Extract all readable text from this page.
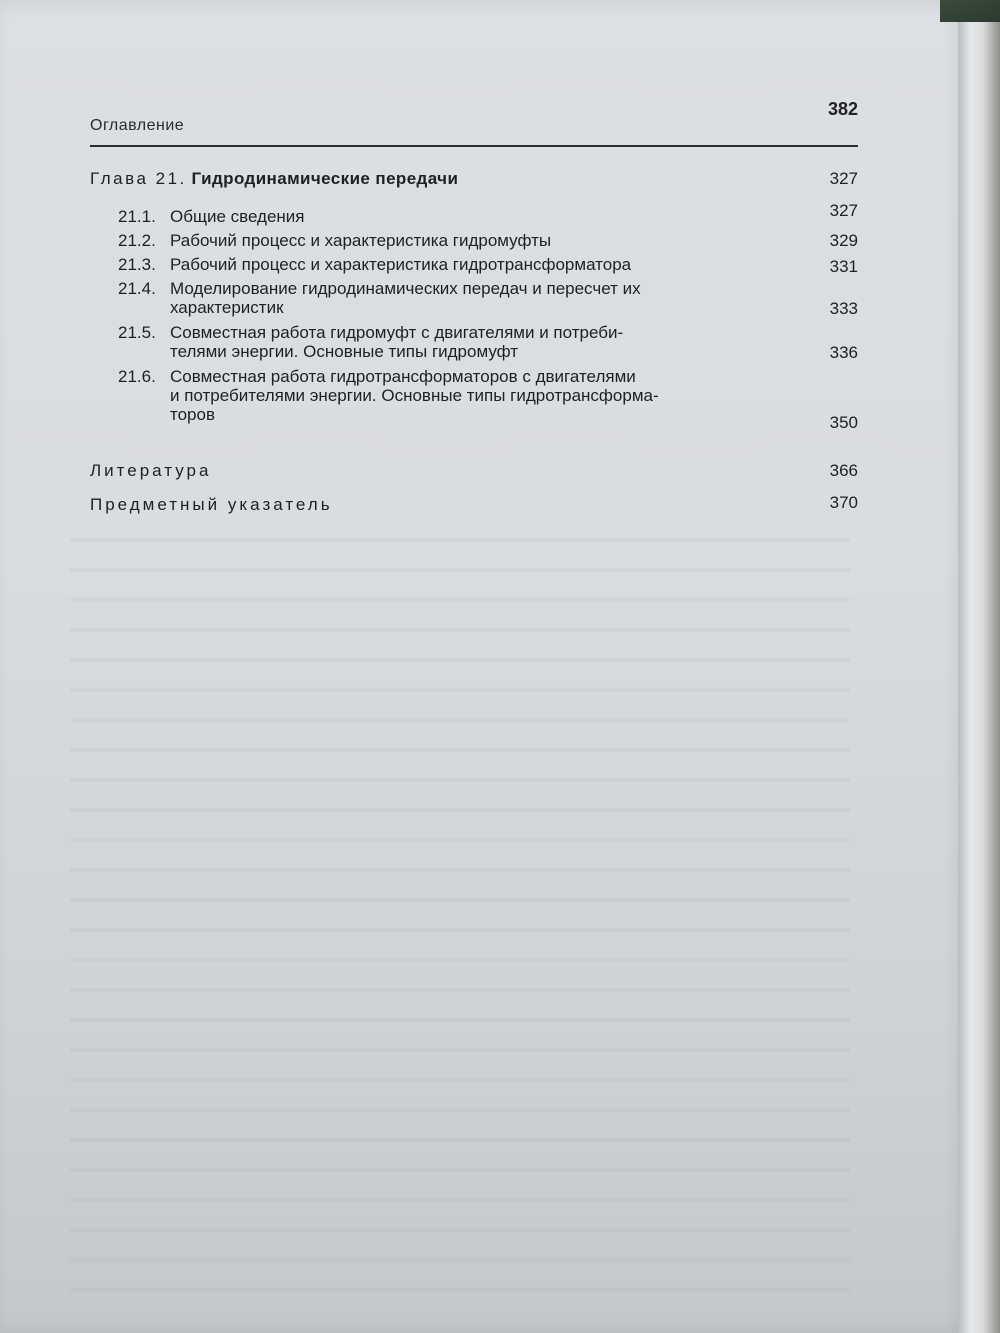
Оглавление
382
Глава 21. Гидродинамические передачи	327
21.1. Общие сведения	327
21.2. Рабочий процесс и характеристика гидромуфты	329
21.3. Рабочий процесс и характеристика гидротрансформатора	331
21.4. Моделирование гидродинамических передач и пересчет их
характеристик	333
21.5. Совместная работа гидромуфт с двигателями и потреби-
телями энергии. Основные типы гидромуфт	336
21.6. Совместная работа гидротрансформаторов с двигателями
и потребителями энергии. Основные типы гидротрансформа-
торов	350
Литература	366
Предметный указатель	370
